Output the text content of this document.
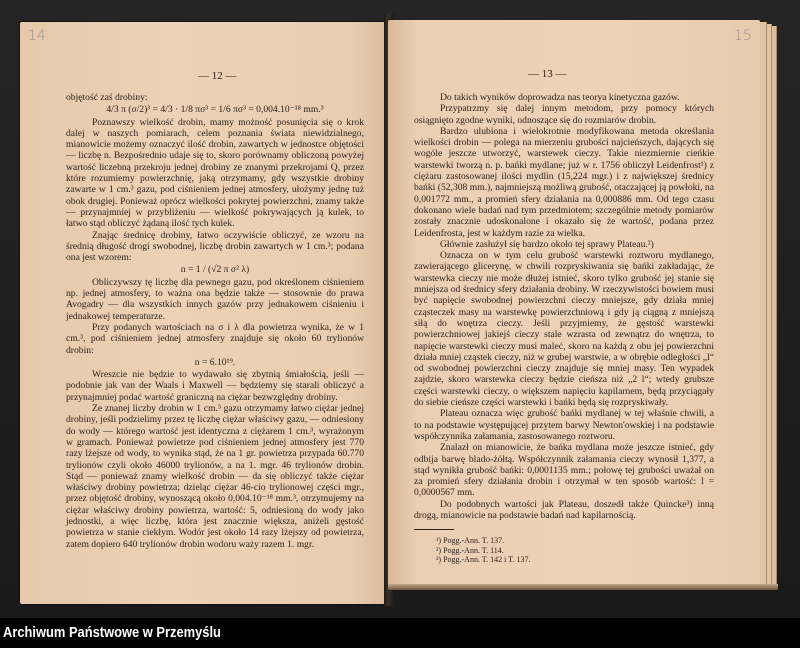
14
— 12 —

objętość zaś drobiny:

4/3 π (σ/2)³ = 4/3 · 1/8 πσ³ = 1/6 πσ³ = 0,004.10⁻¹⁸ mm.³

Poznawszy wielkość drobin, mamy możność posunięcia się o krok dalej w naszych pomiarach, celem poznania świata niewidzialnego, mianowicie możemy oznaczyć ilość drobin, zawartych w jednostce objętości — liczbę n. Bezpośrednio udaje się to, skoro porównamy obliczoną powyżej wartość liczebną przekroju jednej drobiny ze znanymi przekrojami Q, przez które rozumiemy powierzchnię, jaką otrzymamy, gdy wszystkie drobiny zawarte w 1 cm.³ gazu, pod ciśnieniem jednej atmosfery, ułożymy jednę tuż obok drugiej. Ponieważ oprócz wielkości pokrytej powierzchni, znamy także — przynajmniej w przybliżeniu — wielkość pokrywających ją kulek, to łatwo stąd obliczyć żądaną ilość tych kulek.

Znając średnicę drobiny, łatwo oczywiście obliczyć, ze wzoru na średnią długość drogi swobodnej, liczbę drobin zawartych w 1 cm.³; podana ona jest wzorem:

n = 1 / (√2 π σ² λ)

Obliczywszy tę liczbę dla pewnego gazu, pod określonem ciśnieniem np. jednej atmosfery, to ważna ona będzie także — stosownie do prawa Avogadry — dla wszystkich innych gazów przy jednakowem ciśnieniu i jednakowej temperaturze.

Przy podanych wartościach na σ i λ dla powietrza wynika, że w 1 cm.³, pod ciśnieniem jednej atmosfery znajduje się około 60 trylionów drobin:

n = 6.10¹⁹.

Wreszcie nie będzie to wydawało się zbytnią śmiałością, jeśli — podobnie jak van der Waals i Maxwell — będziemy się starali obliczyć a przynajmniej podać wartość graniczną na ciężar bezwzględny drobiny.

Ze znanej liczby drobin w 1 cm.³ gazu otrzymamy łatwo ciężar jednej drobiny, jeśli podzielimy przez tę liczbę ciężar właściwy gazu, — odniesiony do wody — którego wartość jest identyczna z ciężarem 1 cm.³, wyrażonym w gramach. Ponieważ powietrze pod ciśnieniem jednej atmosfery jest 770 razy lżejsze od wody, to wynika stąd, że na 1 gr. powietrza przypada 60.770 trylionów czyli około 46000 trylionów, a na 1. mgr. 46 trylionów drobin. Stąd — ponieważ znamy wielkość drobin — da się obliczyć także ciężar właściwy drobiny powietrza; dzieląc ciężar 46-cio trylionowej części mgr., przez objętość drobiny, wynoszącą około 0,004.10⁻¹⁸ mm.³, otrzymujemy na ciężar właściwy drobiny powietrza, wartość: 5, odniesioną do wody jako jednostki, a więc liczbę, która jest znacznie większa, aniżeli gęstość powietrza w stanie ciekłym. Wodór jest około 14 razy lżejszy od powietrza, zatem dopiero 640 trylionów drobin wodoru waży razem 1. mgr.

15
— 13 —

Do takich wyników doprowadza nas teorya kinetyczna gazów.

Przypatrzmy się dalej innym metodom, przy pomocy których osiągnięto zgodne wyniki, odnoszące się do rozmiarów drobin.

Bardzo ulubiona i wielokrotnie modyfikowana metoda określania wielkości drobin — polega na mierzeniu grubości najcieńszych, dających się wogóle jeszcze utworzyć, warstewek cieczy. Takie niezmiernie cieńkie warstewki tworzą n. p. bańki mydlane; już w r. 1756 obliczył Leidenfrost¹) z ciężaru zastosowanej ilości mydlin (15,224 mgr.) i z największej średnicy bańki (52,308 mm.), najmniejszą możliwą grubość, otaczającej ją powłoki, na 0,001772 mm., a promień sfery działania na 0,000886 mm. Od tego czasu dokonano wiele badań nad tym przedmiotem; szczególnie metody pomiarów zostały znacznie udoskonalone i okazało się że wartość, podana przez Leidenfrosta, jest w każdym razie za wielka.

Głównie zasłużył się bardzo około tej sprawy Plateau.²)

Oznacza on w tym celu grubość warstewki roztworu mydlanego, zawierającego glicerynę, w chwili rozpryskiwania się bańki zakładając, że warstewka cieczy nie może dłużej istnieć, skoro tylko grubość jej stanie się mniejsza od średnicy sfery działania drobiny. W rzeczywistości bowiem musi być napięcie swobodnej powierzchni cieczy mniejsze, gdy działa mniej cząsteczek masy na warstewkę powierzchniową i gdy ją ciągną z mniejszą siłą do wnętrza cieczy. Jeśli przyjmiemy, że gęstość warstewki powierzchniowej jakiejś cieczy stale wzrasta od zewnątrz do wnętrza, to napięcie warstewki cieczy musi maleć, skoro na każdą z obu jej powierzchni działa mniej cząstek cieczy, niż w grubej warstwie, a w obrębie odległości „l“ od swobodnej powierzchni cieczy znajduje się mniej masy. Ten wypadek zajdzie, skoro warstewka cieczy będzie cieńsza niż „2 l“; wtedy grubsze części warstewki cieczy, o większem napięciu kapilarnem, będą przyciągały do siebie cieńsze części warstewki i bańki będą się rozpryskiwały.

Plateau oznacza więc grubość bańki mydlanej w tej właśnie chwili, a to na podstawie występującej przytem barwy Newton'owskiej i na podstawie współczynnika załamania, zastosowanego roztworu.

Znalazł on mianowicie, że bańka mydlana może jeszcze istnieć, gdy odbija barwę blado-żółtą. Współczynnik załamania cieczy wynosił 1,377, a stąd wynikła grubość bańki: 0,0001135 mm.; połowę tej grubości uważał on za promień sfery działania drobin i otrzymał w ten sposób wartość: l = 0,0000567 mm.

Do podobnych wartości jak Plateau, doszedł także Quincke³) inną drogą, mianowicie na podstawie badań nad kapilarnością.

¹) Pogg.-Ann. T. 137.
²) Pogg.-Ann. T. 114.
³) Pogg.-Ann. T. 142 i T. 137.
Archiwum Państwowe w Przemyślu
